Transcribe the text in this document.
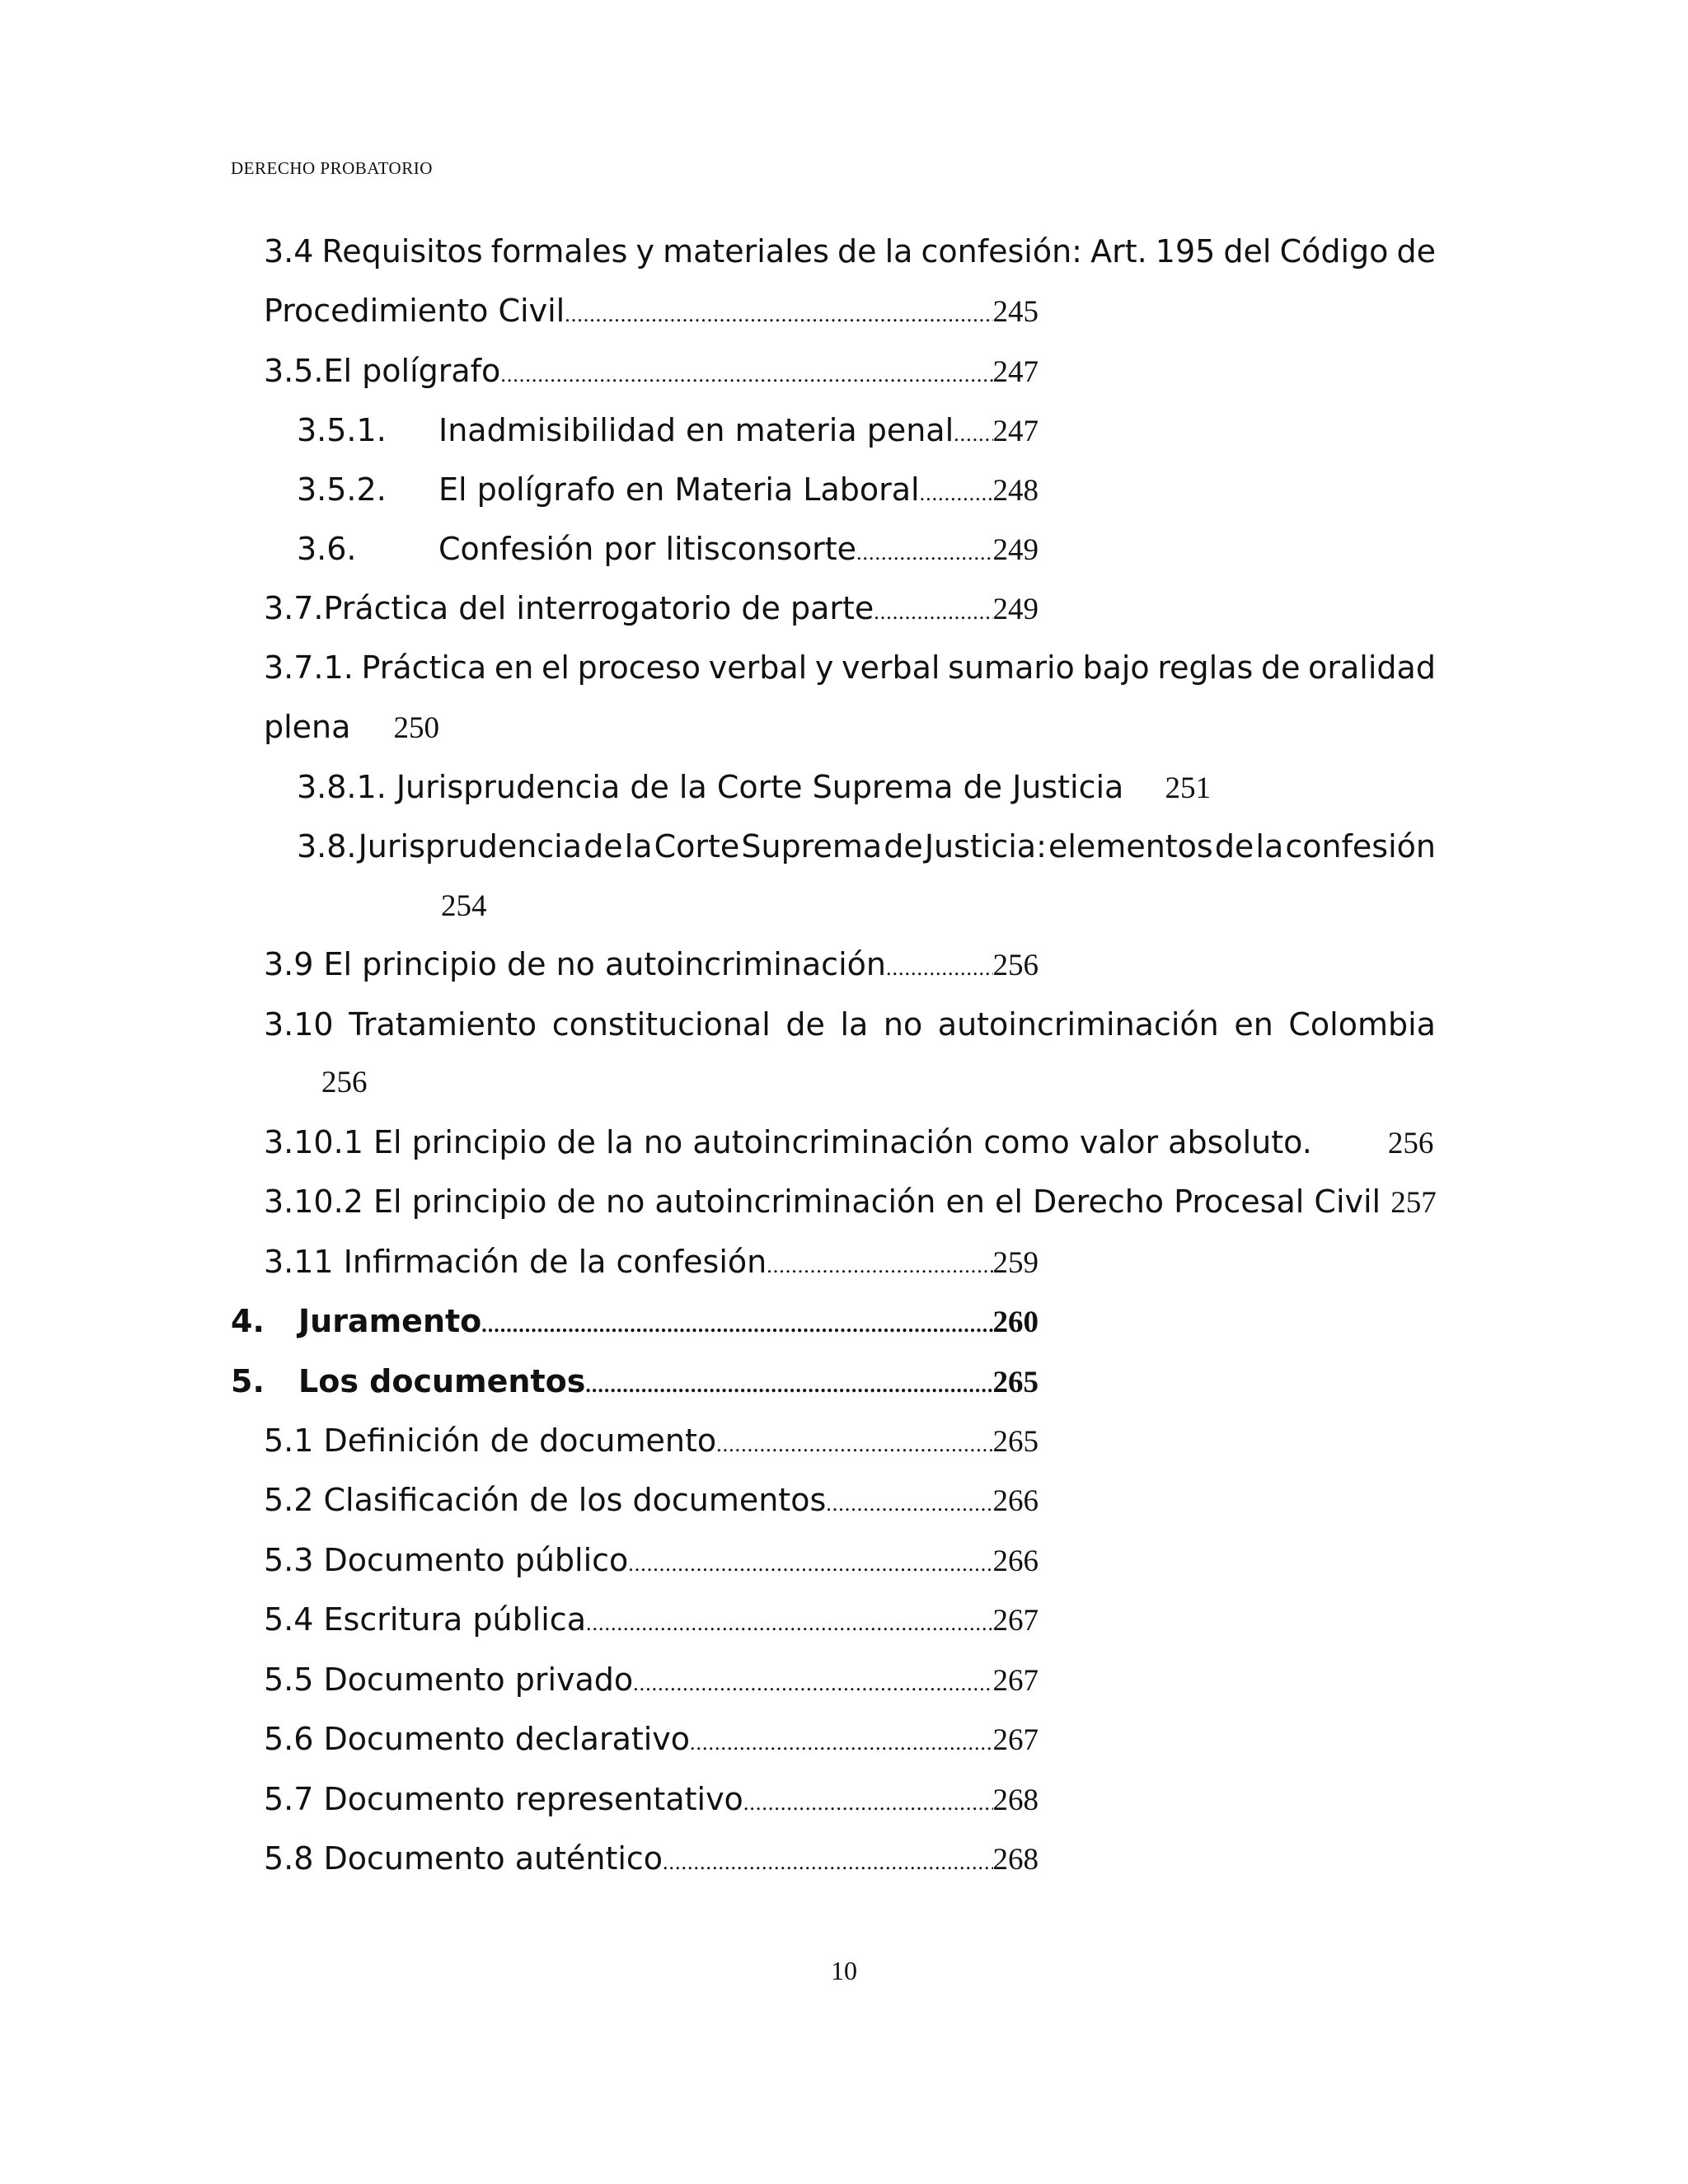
DERECHO PROBATORIO
3.4 Requisitos formales y materiales de la confesión: Art. 195 del Código de
Procedimiento Civil .....	245
3.5.El polígrafo .....	247
3.5.1.	Inadmisibilidad en materia penal ..... 247
3.5.2.	El polígrafo en Materia Laboral ..... 248
3.6.	Confesión por litisconsorte .....	249
3.7.Práctica del interrogatorio de parte .....	249
3.7.1. Práctica en el proceso verbal y verbal sumario bajo reglas de oralidad
plena 250
3.8.1. Jurisprudencia de la Corte Suprema de Justicia 251
3.8. Jurisprudencia de la Corte Suprema de Justicia: elementos de la confesión
254
3.9 El principio de no autoincriminación .....	256
3.10 Tratamiento constitucional de la no autoincriminación en Colombia
256
3.10.1 El principio de la no autoincriminación como valor absoluto. 256
3.10.2 El principio de no autoincriminación en el Derecho Procesal Civil 257
3.11 Infirmación de la confesión .....	259
4.	Juramento .....	260
5.	Los documentos .....	265
5.1 Definición de documento .....	265
5.2 Clasificación de los documentos .....	266
5.3 Documento público .....	266
5.4 Escritura pública .....	267
5.5 Documento privado .....	267
5.6 Documento declarativo .....	267
5.7 Documento representativo .....	268
5.8 Documento auténtico .....	268
10
